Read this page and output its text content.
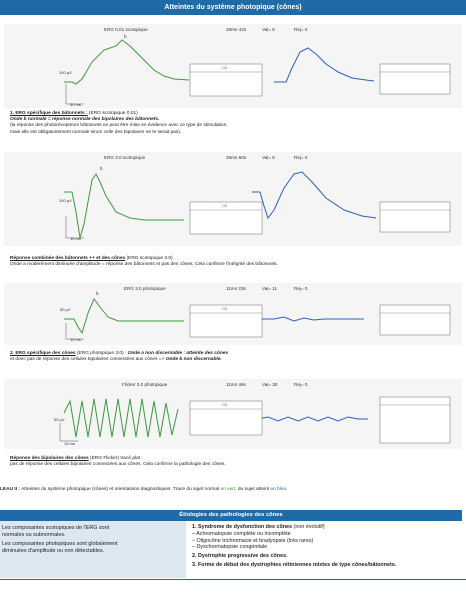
Atteintes du système photopique (cônes)
ERG 0.01 scotopique	29mn 42s	Val= 5	Rej= 0
100 µV
50 ms
b
OD
1. ERG spécifique des bâtonnets : (ERG scotopique 0.01)
Onde b normale = réponse normale des bipolaires des bâtonnets.
(la réponse des photorécepteurs bâtonnets ne peut être mise en évidence avec ce type de stimulation,
mais elle est obligatoirement normale sinon celle des bipolaires ne le serait pas).
ERG 3.0 scotopique	26mn 50s	Val= 5	Rej= 0
100 µV
10 ms
b
OD
Réponse combinée des bâtonnets ++ et des cônes (ERG scotopique 3.0)
Onde a modérément diminuée d'amplitude = réponse des bâtonnets et pas des cônes. Cela confirme l'intégrité des bâtonnets.
ERG 3.0 photopique	11mn 23s	Val= 11	Rej= 0
50 µV
10 ms
b
OD
2. ERG spécifique des cônes (ERG photopique 3.0) : Onde a non discernable : atteinte des cônes
et donc pas de réponse des cellules bipolaires connectées aux cônes => Onde b non discernable.
Flicker 3.0 photopique	11mn 46s	Val= 30	Rej= 0
50 µV
10 ms
OD
Réponse des bipolaires des cônes (ERG Flicker) tracé plat :
pas de réponse des cellules bipolaires connectées aux cônes. Cela confirme la pathologie des cônes.
LEAU II : Atteintes du système photopique (cônes) et orientations diagnostiques. Tracé du sujet normal en vert, du sujet atteint en bleu.
Étiologies des pathologies des cônes
Les composantes scotopiques de l'ERG sont
normales ou subnormales.
Les composantes photopiques sont globalement
diminuées d'amplitude ou non détectables.
1. Syndrome de dysfonction des cônes (non évolutif)
– Achromatopsie complète ou incomplète
– Oligocône trichromacie et bradyopsie (très rares)
– Dyschromatopsie congénitale
2. Dystrophie progressive des cônes.
3. Forme de début des dystrophies rétiniennes mixtes de type cônes/bâtonnets.
